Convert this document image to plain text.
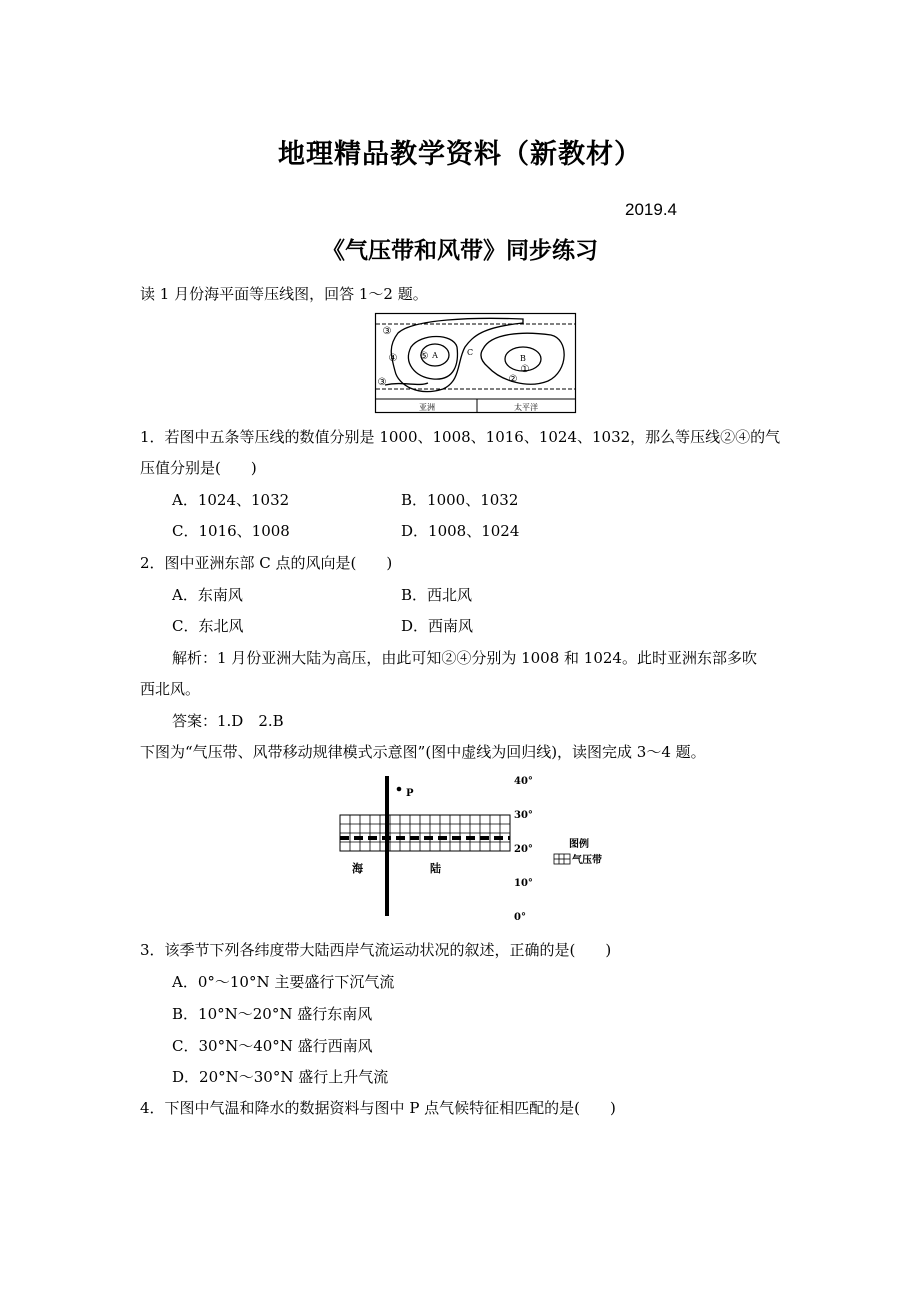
地理精品教学资料（新教材）
2019.4
《气压带和风带》同步练习
读 1 月份海平面等压线图，回答 1～2 题。
A	B
C
①
②
③
③
④ ⑤
亚洲	太平洋
1．若图中五条等压线的数值分别是 1000、1008、1016、1024、1032，那么等压线②④的气
压值分别是(　　)
A．1024、1032	B．1000、1032
C．1016、1008	D．1008、1024
2．图中亚洲东部 C 点的风向是(　　)
A．东南风	B．西北风
C．东北风	D．西南风
解析：1 月份亚洲大陆为高压，由此可知②④分别为 1008 和 1024。此时亚洲东部多吹
西北风。
答案：1.D　2.B
下图为“气压带、风带移动规律模式示意图”(图中虚线为回归线)，读图完成 3～4 题。
P
40°
30°
20°
10°
0°
海	陆
图例
气压带
3．该季节下列各纬度带大陆西岸气流运动状况的叙述，正确的是(　　)
A．0°～10°N 主要盛行下沉气流
B．10°N～20°N 盛行东南风
C．30°N～40°N 盛行西南风
D．20°N～30°N 盛行上升气流
4．下图中气温和降水的数据资料与图中 P 点气候特征相匹配的是(　　)
